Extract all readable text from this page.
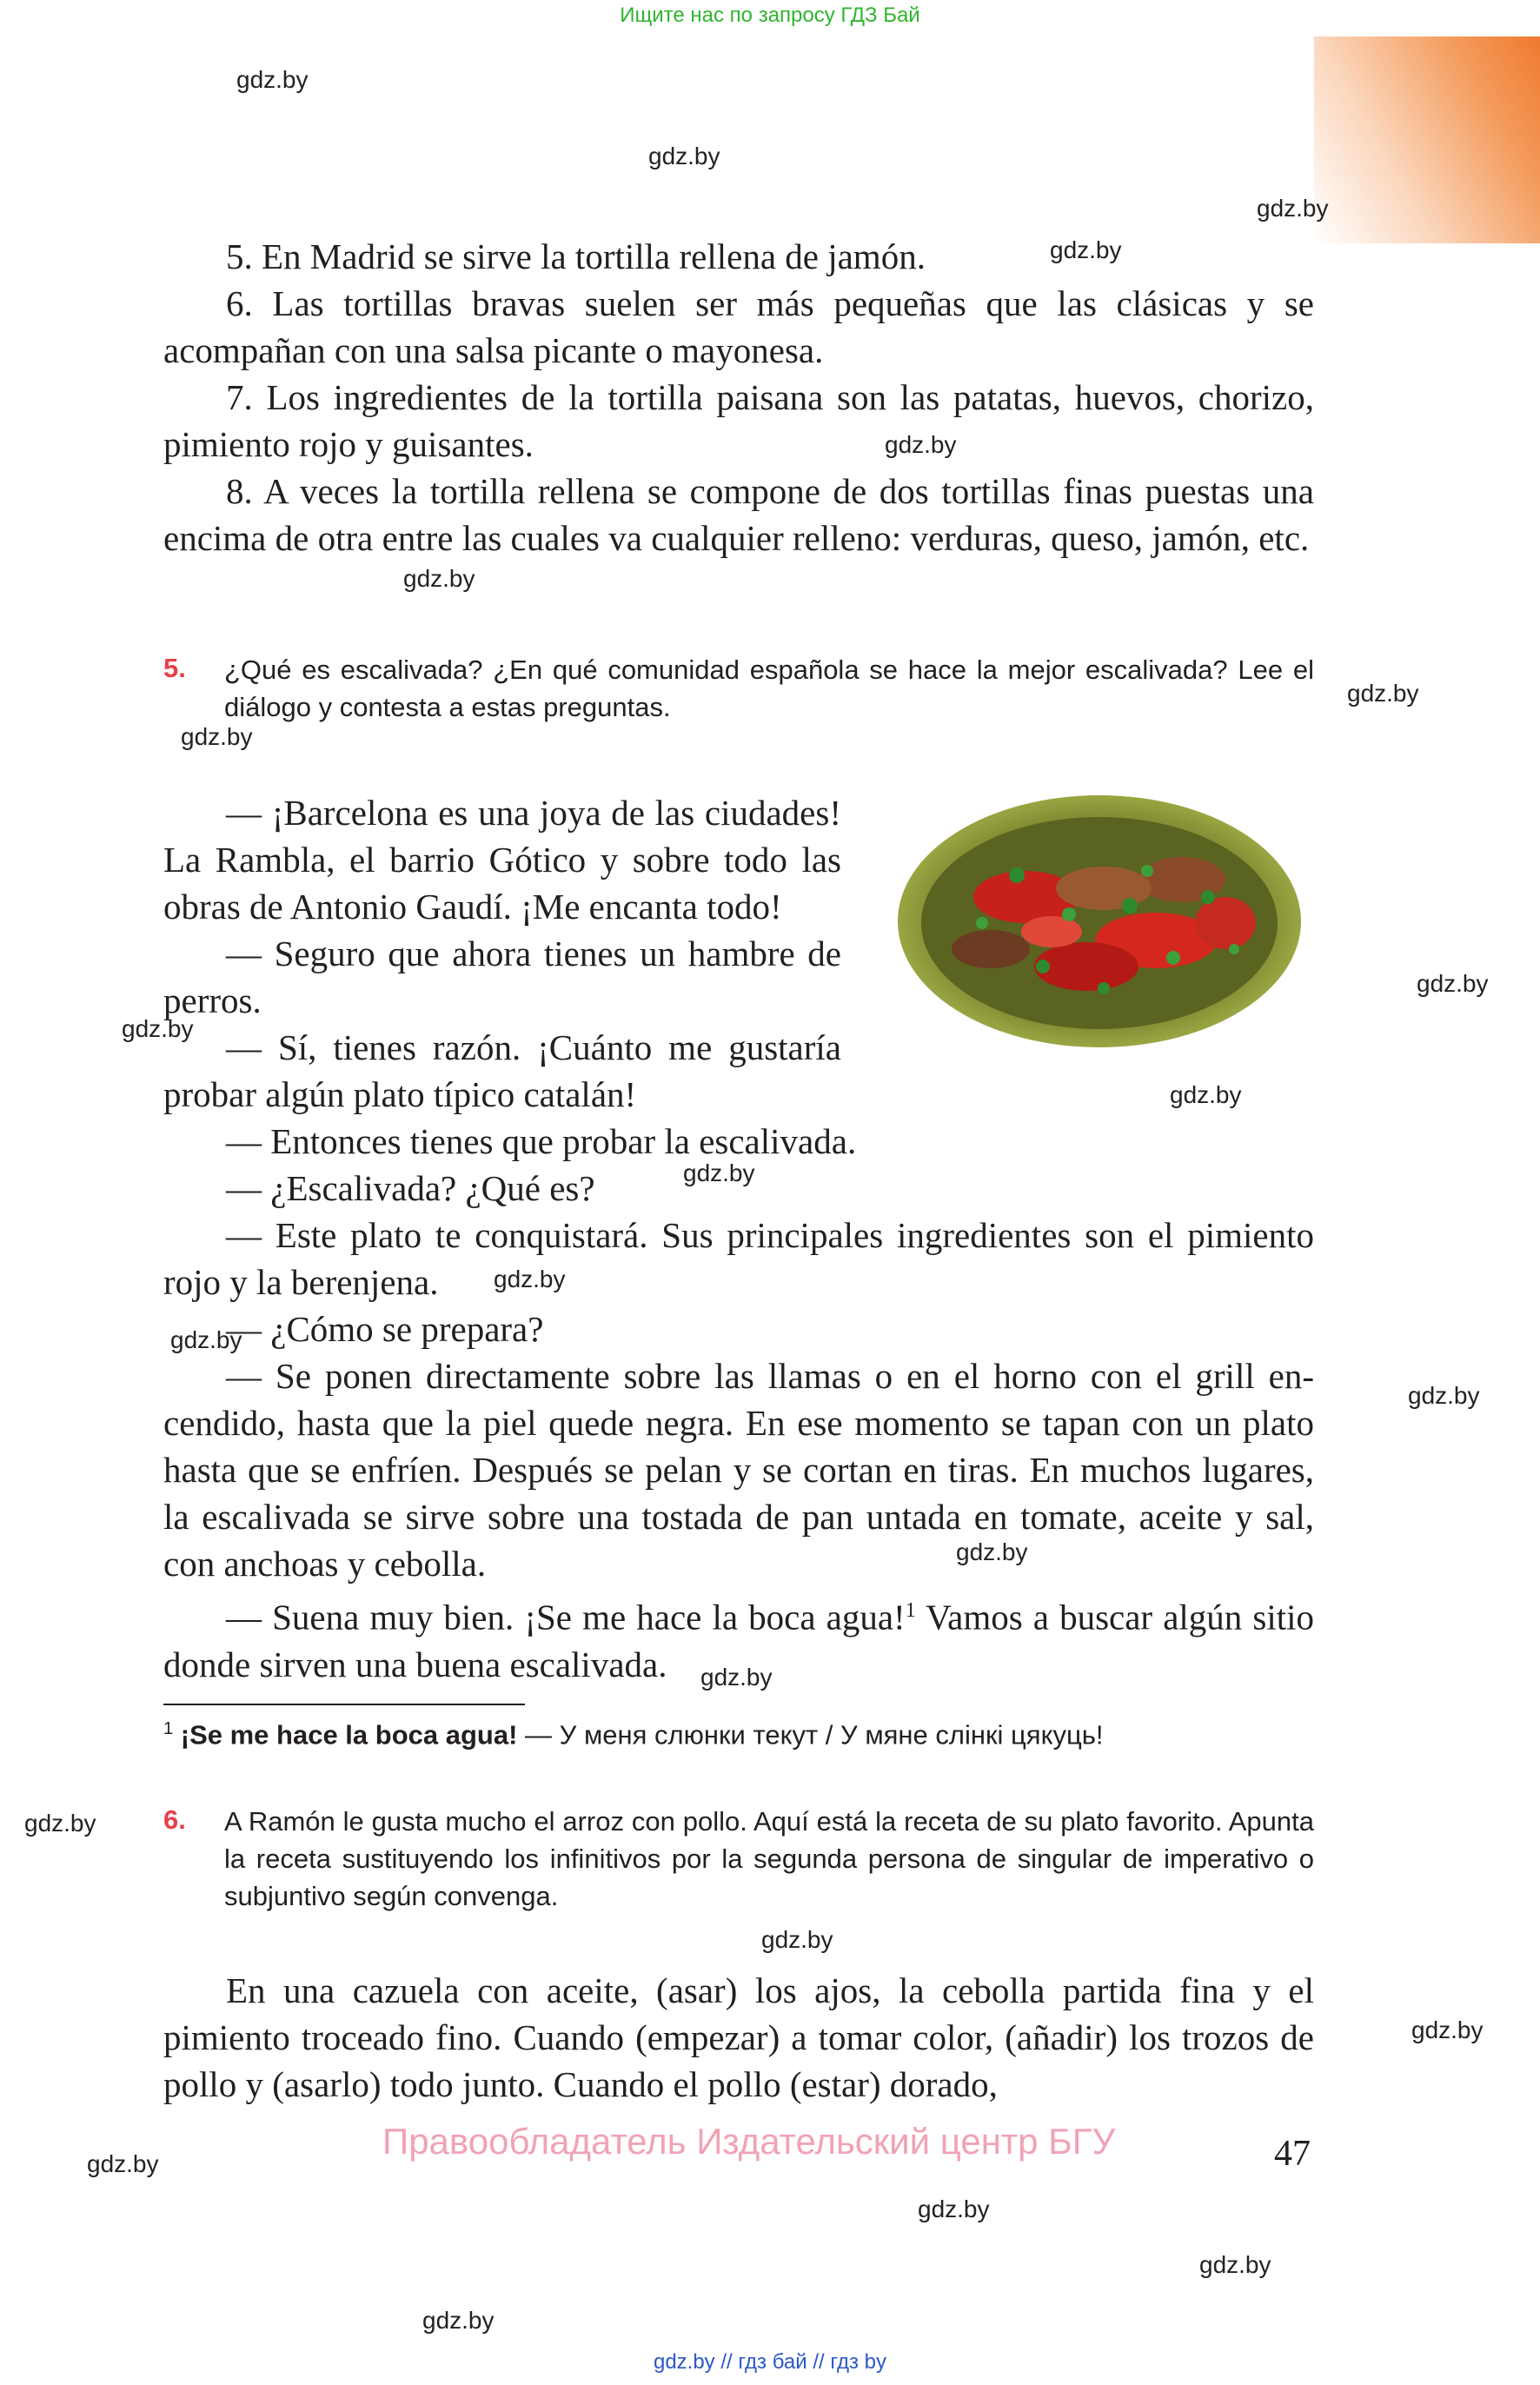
Ищите нас по запросу ГДЗ Бай
5. En Madrid se sirve la tortilla rellena de jamón.
6. Las tortillas bravas suelen ser más pequeñas que las clásicas y se acompañan con una salsa picante o mayonesa.
7. Los ingredientes de la tortilla paisana son las patatas, huevos, chorizo, pimiento rojo y guisantes.
8. A veces la tortilla rellena se compone de dos tortillas finas puestas una encima de otra entre las cuales va cualquier relleno: verduras, queso, jamón, etc.
5. ¿Qué es escalivada? ¿En qué comunidad española se hace la mejor escalivada? Lee el diálogo y contesta a estas preguntas.
— ¡Barcelona es una joya de las ciudades! La Rambla, el barrio Gótico y sobre todo las obras de Antonio Gaudí. ¡Me encanta todo!
— Seguro que ahora tienes un hambre de perros.
— Sí, tienes razón. ¡Cuánto me gustaría probar algún plato típico catalán!
— Entonces tienes que probar la escalivada.
— ¿Escalivada? ¿Qué es?
— Este plato te conquistará. Sus principales ingredientes son el pimiento rojo y la berenjena.
— ¿Cómo se prepara?
— Se ponen directamente sobre las llamas o en el horno con el grill encendido, hasta que la piel quede negra. En ese momento se tapan con un plato hasta que se enfríen. Después se pelan y se cortan en tiras. En muchos lugares, la escalivada se sirve sobre una tostada de pan untada en tomate, aceite y sal, con anchoas y cebolla.
— Suena muy bien. ¡Se me hace la boca agua!$^1$ Vamos a buscar algún sitio donde sirven una buena escalivada.
$^1$ ¡Se me hace la boca agua! — У меня слюнки текут / У мяне слінкі цякуць!
6. A Ramón le gusta mucho el arroz con pollo. Aquí está la receta de su plato favorito. Apunta la receta sustituyendo los infinitivos por la segunda persona de singular de imperativo o subjuntivo según convenga.
En una cazuela con aceite, (asar) los ajos, la cebolla partida fina y el pimiento troceado fino. Cuando (empezar) a tomar color, (añadir) los trozos de pollo y (asarlo) todo junto. Cuando el pollo (estar) dorado,
Правообладатель Издательский центр БГУ	47
gdz.by
gdz.by
gdz.by
gdz.by
gdz.by
gdz.by
gdz.by
gdz.by
gdz.by
gdz.by
gdz.by
gdz.by
gdz.by
gdz.by
gdz.by
gdz.by
gdz.by
gdz.by
gdz.by
gdz.by
gdz.by
gdz.by
gdz.by
gdz.by
gdz.by // гдз бай // гдз by
